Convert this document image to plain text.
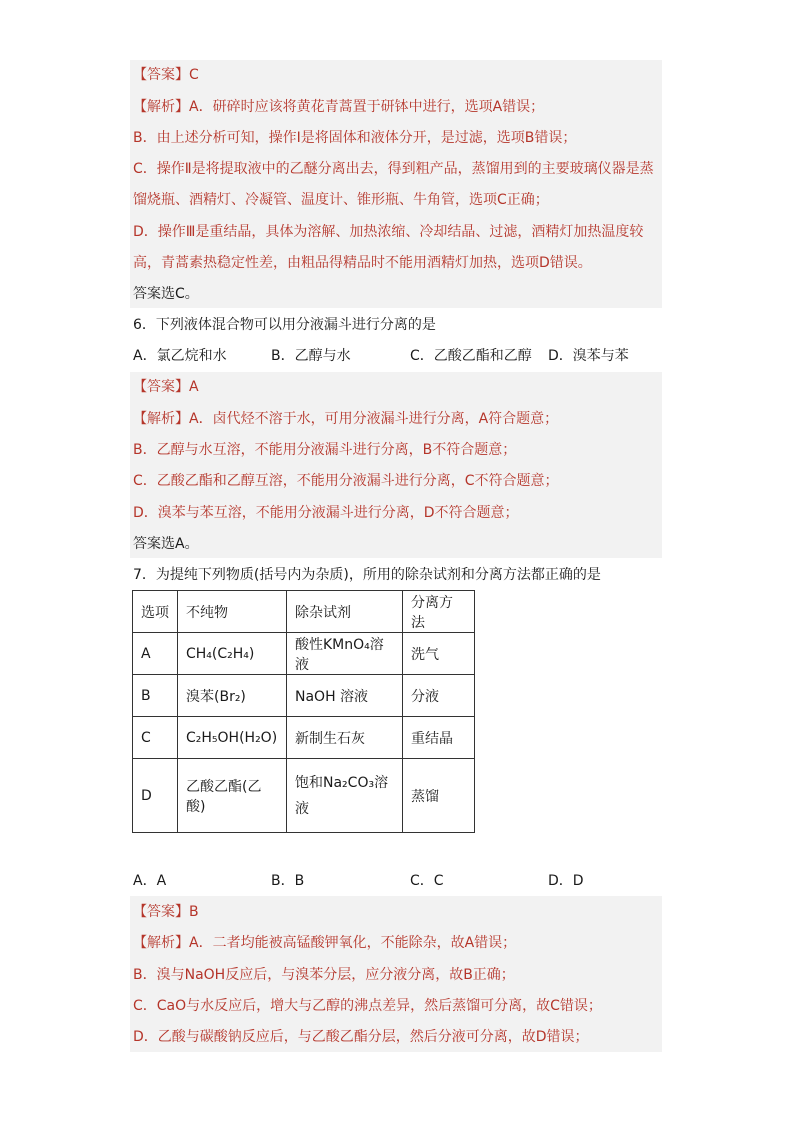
【答案】C
【解析】A．研碎时应该将黄花青蒿置于研钵中进行，选项A错误；
B．由上述分析可知，操作Ⅰ是将固体和液体分开，是过滤，选项B错误；
C．操作Ⅱ是将提取液中的乙醚分离出去，得到粗产品，蒸馏用到的主要玻璃仪器是蒸
馏烧瓶、酒精灯、冷凝管、温度计、锥形瓶、牛角管，选项C正确；
D．操作Ⅲ是重结晶，具体为溶解、加热浓缩、冷却结晶、过滤，酒精灯加热温度较
高，青蒿素热稳定性差，由粗品得精品时不能用酒精灯加热，选项D错误。
答案选C。
6．下列液体混合物可以用分液漏斗进行分离的是
A．氯乙烷和水	B．乙醇与水	C．乙酸乙酯和乙醇 D．溴苯与苯
【答案】A
【解析】A．卤代烃不溶于水，可用分液漏斗进行分离，A符合题意；
B．乙醇与水互溶，不能用分液漏斗进行分离，B不符合题意；
C．乙酸乙酯和乙醇互溶，不能用分液漏斗进行分离，C不符合题意；
D．溴苯与苯互溶，不能用分液漏斗进行分离，D不符合题意；
答案选A。
7．为提纯下列物质(括号内为杂质)，所用的除杂试剂和分离方法都正确的是
选项	不纯物	除杂试剂	分离方法
A	CH₄(C₂H₄)	酸性KMnO₄溶液	洗气
B	溴苯(Br₂)	NaOH 溶液	分液
C	C₂H₅OH(H₂O)	新制生石灰	重结晶
D	乙酸乙酯(乙酸)	饱和Na₂CO₃溶液	蒸馏
A．A	B．B	C．C	D．D
【答案】B
【解析】A．二者均能被高锰酸钾氧化，不能除杂，故A错误；
B．溴与NaOH反应后，与溴苯分层，应分液分离，故B正确；
C．CaO与水反应后，增大与乙醇的沸点差异，然后蒸馏可分离，故C错误；
D．乙酸与碳酸钠反应后，与乙酸乙酯分层，然后分液可分离，故D错误；
